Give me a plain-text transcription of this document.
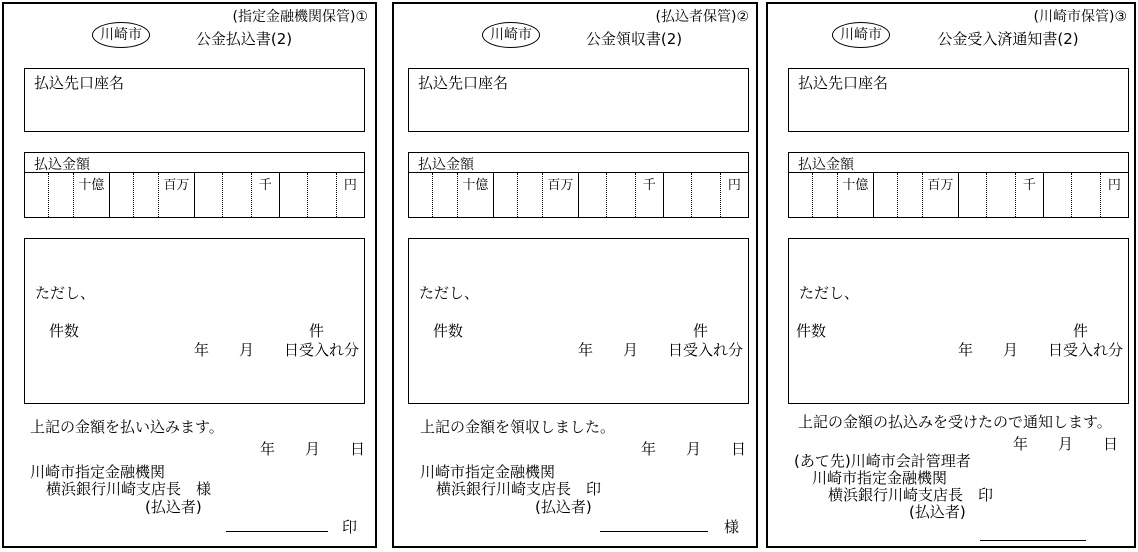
(指定金融機関保管)①
川崎市	公金払込書(2)
払込先口座名
払込金額
十億	百万	千	円
ただし、
件数	件
年　　月　　日受入れ分
上記の金額を払い込みます。
年　　月　　日
川崎市指定金融機関
横浜銀行川崎支店長　様
(払込者)
印
(払込者保管)②
川崎市	公金領収書(2)
払込先口座名
払込金額
十億	百万	千	円
ただし、
件数	件
年　　月　　日受入れ分
上記の金額を領収しました。
年　　月　　日
川崎市指定金融機関
横浜銀行川崎支店長　印
(払込者)
様
(川崎市保管)③
川崎市	公金受入済通知書(2)
払込先口座名
払込金額
十億	百万	千	円
ただし、
件数	件
年　　月　　日受入れ分
上記の金額の払込みを受けたので通知します。
年　　月　　日
(あて先)川崎市会計管理者
川崎市指定金融機関
横浜銀行川崎支店長　印
(払込者)
